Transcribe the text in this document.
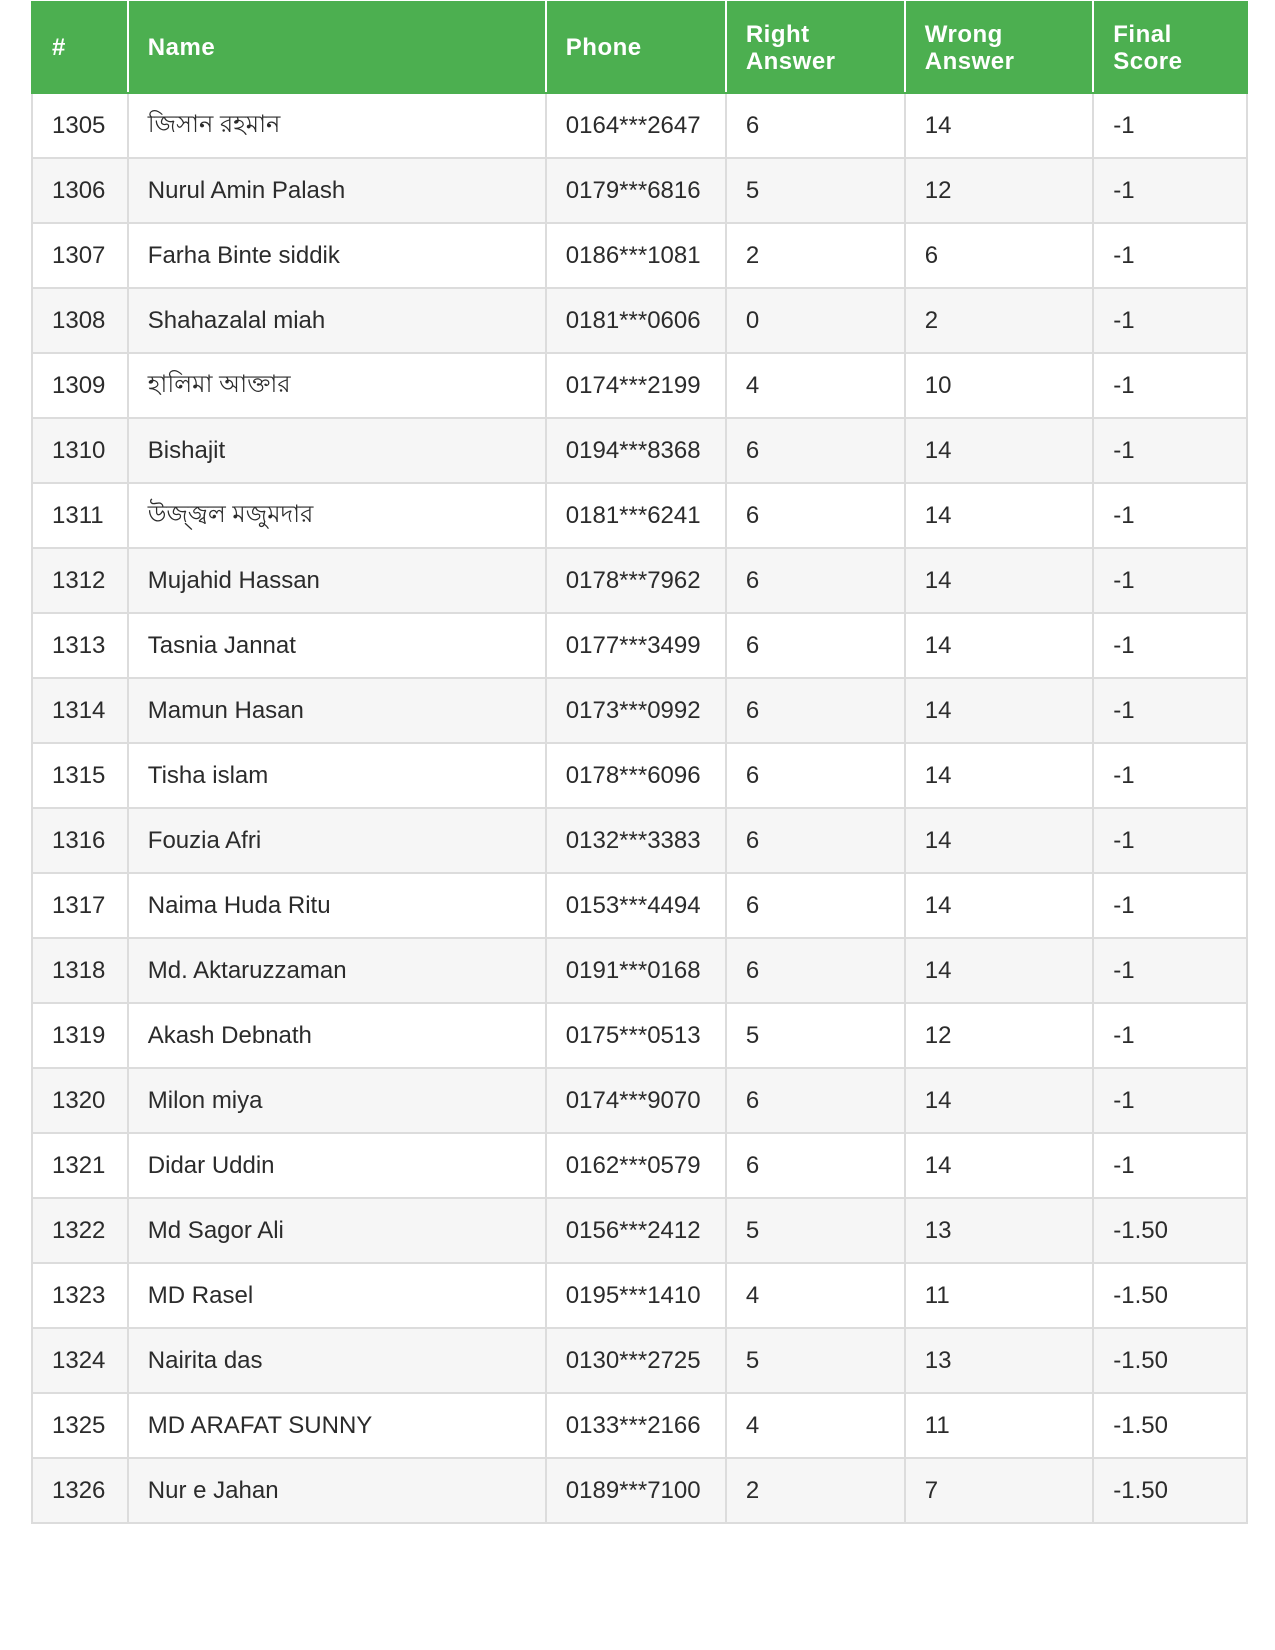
#	Name	Phone	Right Answer	Wrong Answer	Final Score
1305	জিসান রহমান	0164***2647	6	14	-1
1306	Nurul Amin Palash	0179***6816	5	12	-1
1307	Farha Binte siddik	0186***1081	2	6	-1
1308	Shahazalal miah	0181***0606	0	2	-1
1309	হালিমা আক্তার	0174***2199	4	10	-1
1310	Bishajit	0194***8368	6	14	-1
1311	উজ্জ্বল মজুমদার	0181***6241	6	14	-1
1312	Mujahid Hassan	0178***7962	6	14	-1
1313	Tasnia Jannat	0177***3499	6	14	-1
1314	Mamun Hasan	0173***0992	6	14	-1
1315	Tisha islam	0178***6096	6	14	-1
1316	Fouzia Afri	0132***3383	6	14	-1
1317	Naima Huda Ritu	0153***4494	6	14	-1
1318	Md. Aktaruzzaman	0191***0168	6	14	-1
1319	Akash Debnath	0175***0513	5	12	-1
1320	Milon miya	0174***9070	6	14	-1
1321	Didar Uddin	0162***0579	6	14	-1
1322	Md Sagor Ali	0156***2412	5	13	-1.50
1323	MD Rasel	0195***1410	4	11	-1.50
1324	Nairita das	0130***2725	5	13	-1.50
1325	MD ARAFAT SUNNY	0133***2166	4	11	-1.50
1326	Nur e Jahan	0189***7100	2	7	-1.50
